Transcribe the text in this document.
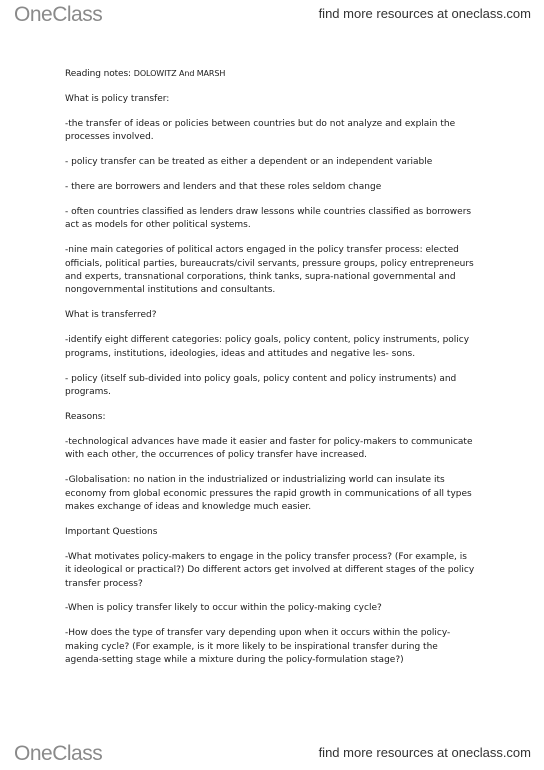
OneClass	find more resources at oneclass.com

Reading notes: DOLOWITZ And MARSH

What is policy transfer:

-the transfer of ideas or policies between countries but do not analyze and explain the processes involved.

- policy transfer can be treated as either a dependent or an independent variable

- there are borrowers and lenders and that these roles seldom change

- often countries classified as lenders draw lessons while countries classified as borrowers act as models for other political systems.

-nine main categories of political actors engaged in the policy transfer process: elected officials, political parties, bureaucrats/civil servants, pressure groups, policy entrepreneurs and experts, transnational corporations, think tanks, supra-national governmental and nongovernmental institutions and consultants.

What is transferred?

-identify eight different categories: policy goals, policy content, policy instruments, policy programs, institutions, ideologies, ideas and attitudes and negative les- sons.

- policy (itself sub-divided into policy goals, policy content and policy instruments) and programs.

Reasons:

-technological advances have made it easier and faster for policy-makers to communicate with each other, the occurrences of policy transfer have increased.

-Globalisation: no nation in the industrialized or industrializing world can insulate its economy from global economic pressures the rapid growth in communications of all types makes exchange of ideas and knowledge much easier.

Important Questions

-What motivates policy-makers to engage in the policy transfer process? (For example, is it ideological or practical?) Do different actors get involved at different stages of the policy transfer process?

-When is policy transfer likely to occur within the policy-making cycle?

-How does the type of transfer vary depending upon when it occurs within the policy-making cycle? (For example, is it more likely to be inspirational transfer during the agenda-setting stage while a mixture during the policy-formulation stage?)

OneClass	find more resources at oneclass.com
